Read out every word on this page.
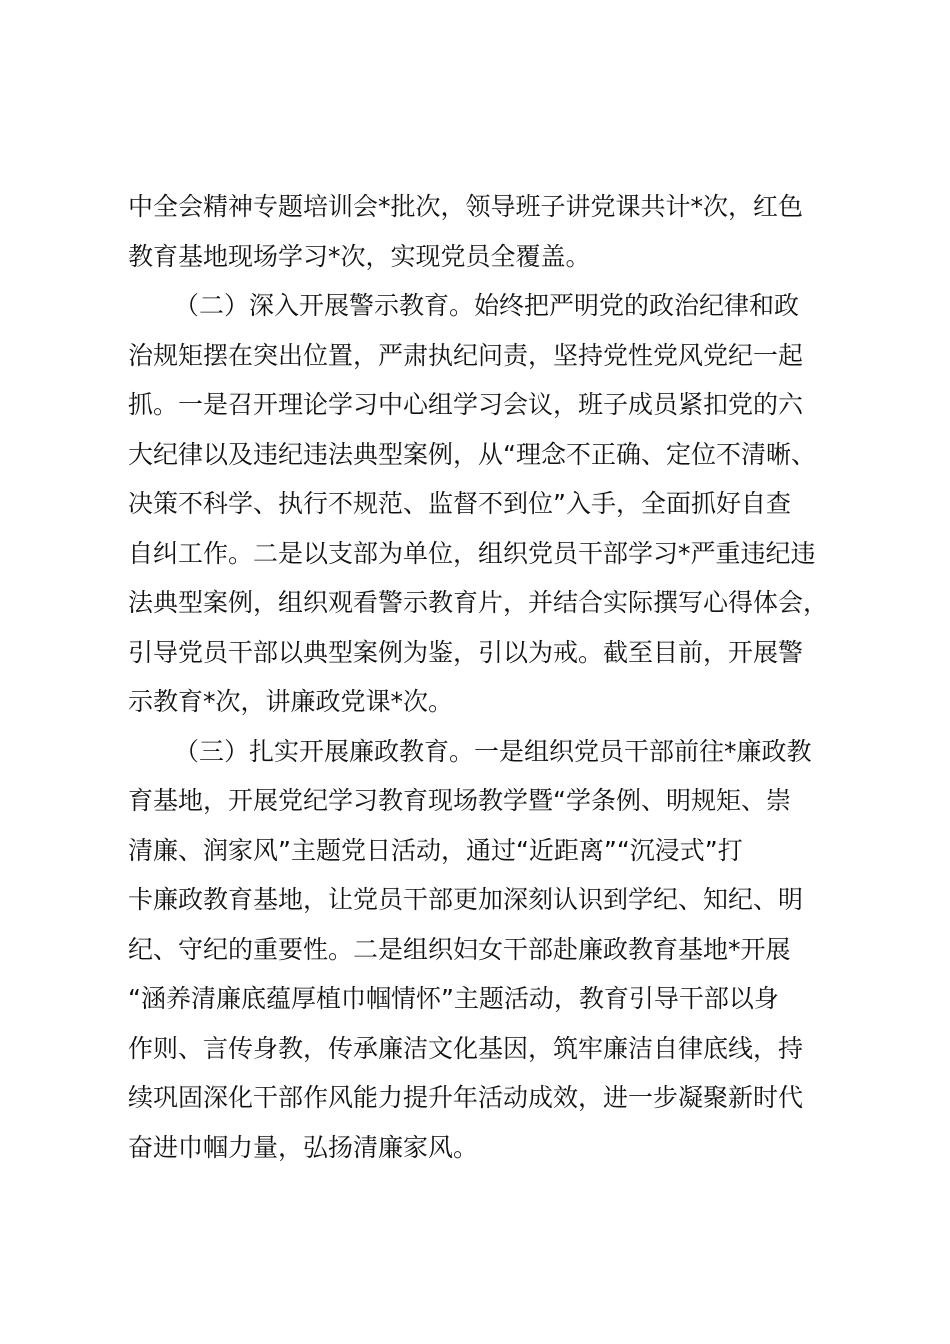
中全会精神专题培训会*批次，领导班子讲党课共计*次，红色
教育基地现场学习*次，实现党员全覆盖。
（二）深入开展警示教育。始终把严明党的政治纪律和政
治规矩摆在突出位置，严肃执纪问责，坚持党性党风党纪一起
抓。一是召开理论学习中心组学习会议，班子成员紧扣党的六
大纪律以及违纪违法典型案例，从“理念不正确、定位不清晰、
决策不科学、执行不规范、监督不到位”入手，全面抓好自查
自纠工作。二是以支部为单位，组织党员干部学习*严重违纪违
法典型案例，组织观看警示教育片，并结合实际撰写心得体会，
引导党员干部以典型案例为鉴，引以为戒。截至目前，开展警
示教育*次，讲廉政党课*次。
（三）扎实开展廉政教育。一是组织党员干部前往*廉政教
育基地，开展党纪学习教育现场教学暨“学条例、明规矩、崇
清廉、润家风”主题党日活动，通过“近距离”“沉浸式”打
卡廉政教育基地，让党员干部更加深刻认识到学纪、知纪、明
纪、守纪的重要性。二是组织妇女干部赴廉政教育基地*开展
“涵养清廉底蕴厚植巾帼情怀”主题活动，教育引导干部以身
作则、言传身教，传承廉洁文化基因，筑牢廉洁自律底线，持
续巩固深化干部作风能力提升年活动成效，进一步凝聚新时代
奋进巾帼力量，弘扬清廉家风。
